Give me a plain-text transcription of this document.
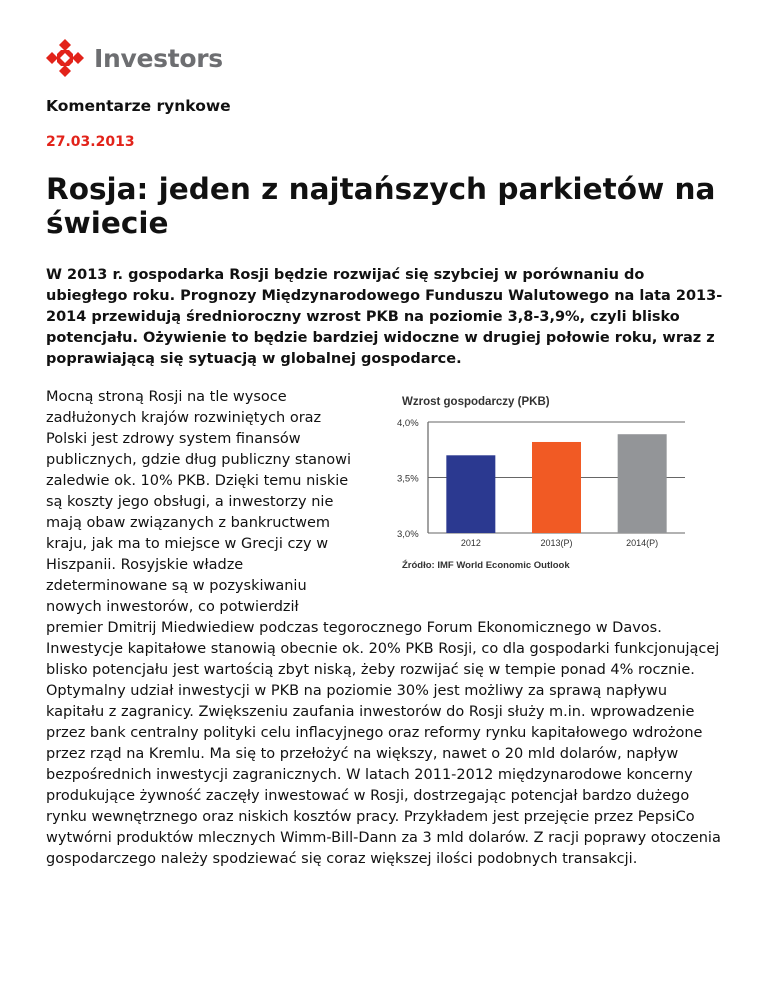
Investors
Komentarze rynkowe

27.03.2013

Rosja: jeden z najtańszych parkietów na świecie

W 2013 r. gospodarka Rosji będzie rozwijać się szybciej w porównaniu do ubiegłego roku. Prognozy Międzynarodowego Funduszu Walutowego na lata 2013-2014 przewidują średnioroczny wzrost PKB na poziomie 3,8-3,9%, czyli blisko potencjału. Ożywienie to będzie bardziej widoczne w drugiej połowie roku, wraz z poprawiającą się sytuacją w globalnej gospodarce.

Mocną stroną Rosji na tle wysoce zadłużonych krajów rozwiniętych oraz Polski jest zdrowy system finansów publicznych, gdzie dług publiczny stanowi zaledwie ok. 10% PKB. Dzięki temu niskie są koszty jego obsługi, a inwestorzy nie mają obaw związanych z bankructwem kraju, jak ma to miejsce w Grecji czy w Hiszpanii. Rosyjskie władze zdeterminowane są w pozyskiwaniu nowych inwestorów, co potwierdził premier Dmitrij Miedwiediew podczas tegorocznego Forum Ekonomicznego w Davos. Inwestycje kapitałowe stanowią obecnie ok. 20% PKB Rosji, co dla gospodarki funkcjonującej blisko potencjału jest wartością zbyt niską, żeby rozwijać się w tempie ponad 4% rocznie. Optymalny udział inwestycji w PKB na poziomie 30% jest możliwy za sprawą napływu kapitału z zagranicy. Zwiększeniu zaufania inwestorów do Rosji służy m.in. wprowadzenie przez bank centralny polityki celu inflacyjnego oraz reformy rynku kapitałowego wdrożone przez rząd na Kremlu. Ma się to przełożyć na większy, nawet o 20 mld dolarów, napływ bezpośrednich inwestycji zagranicznych. W latach 2011-2012 międzynarodowe koncerny produkujące żywność zaczęły inwestować w Rosji, dostrzegając potencjał bardzo dużego rynku wewnętrznego oraz niskich kosztów pracy. Przykładem jest przejęcie przez PepsiCo wytwórni produktów mlecznych Wimm-Bill-Dann za 3 mld dolarów. Z racji poprawy otoczenia gospodarczego należy spodziewać się coraz większej ilości podobnych transakcji.
Wzrost gospodarczy (PKB)
3,0%
3,5%
4,0%
2012	2013(P)	2014(P)
Źródło: IMF World Economic Outlook
